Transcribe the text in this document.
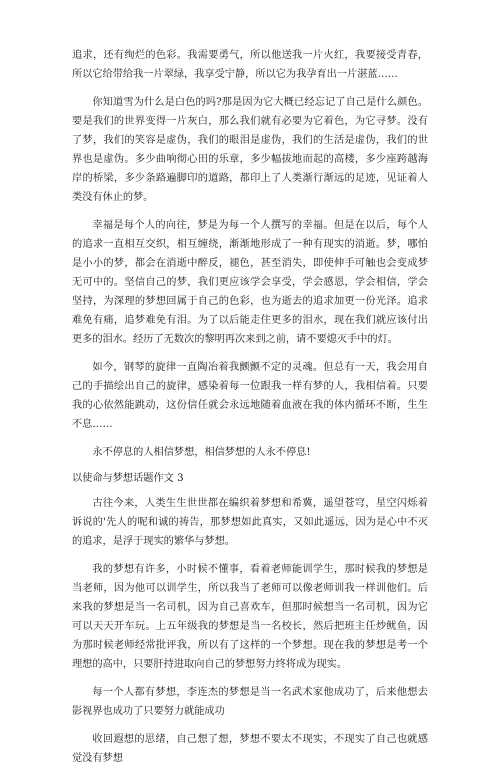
追求，还有绚烂的色彩。我需要勇气，所以他送我一片火红，我要接受青春，所以它给带给我一片翠绿，我享受宁静，所以它为我孕育出一片湛蓝……

你知道雪为什么是白色的吗?那是因为它大概已经忘记了自己是什么颜色。要是我们的世界变得一片灰白，那么我们就有必要为它着色，为它寻梦。没有了梦，我们的笑容是虚伪，我们的眼泪是虚伪，我们的生活是虚伪，我们的世界也是虚伪。多少曲响彻心田的乐章，多少幅拔地而起的高楼，多少座跨越海岸的桥梁，多少条路遍脚印的道路，都印上了人类渐行渐远的足迹，见证着人类没有休止的梦。

幸福是每个人的向往，梦是为每一个人撰写的幸福。但是在以后，每个人的追求一直相互交织，相互缠绕，渐渐地形成了一种有现实的消逝。梦，哪怕是小小的梦，都会在消逝中醉反，褪色，甚至消失，即使伸手可触也会变成梦无可中的。坚信自己的梦，我们更应该学会享受，学会感恩，学会相信，学会坚持，为深理的梦想回属于自己的色彩，也为逝去的追求加更一份光泽。追求难免有痛，追梦难免有泪。为了以后能走住更多的泪水，现在我们就应该付出更多的泪水。经历了无数次的黎明再次来到之前，请不要熄灭手中的灯。

如今，钢琴的旋律一直陶冶着我颤颤不定的灵魂。但总有一天，我会用自己的手描绘出自己的旋律，感染着每一位跟我一样有梦的人，我相信着。只要我的心依然能跳动，这份信任就会永远地随着血液在我的体内循环不断，生生不息……

永不停息的人相信梦想，相信梦想的人永不停息!

以使命与梦想话题作文 3

古往今来，人类生生世世都在编织着梦想和希冀，遥望苍穹，星空闪烁着诉说的'先人的呢和诚的祷告，那梦想如此真实，又如此遥远，因为是心中不灭的追求，是浮于现实的繁华与梦想。

我的梦想有许多，小时候不懂事，看着老师能训学生，那时候我的梦想是当老师，因为他可以训学生，所以我当了老师可以像老师训我一样训他们。后来我的梦想是当一名司机，因为自己喜欢车，但那时候想当一名司机，因为它可以天天开车玩。上五年级我的梦想是当一名校长，然后把班主任炒鱿鱼，因为那时候老师经常批评我，所以有了这样的一个梦想。现在我的梦想是考一个理想的高中，只要肝持进取向自己的梦想努力终将成为现实。

每一个人都有梦想，李连杰的梦想是当一名武术家他成功了，后来他想去影视界也成功了只要努力就能成功

收回遐想的思绪，自己想了想，梦想不要太不现实，不现实了自己也就感觉没有梦想
